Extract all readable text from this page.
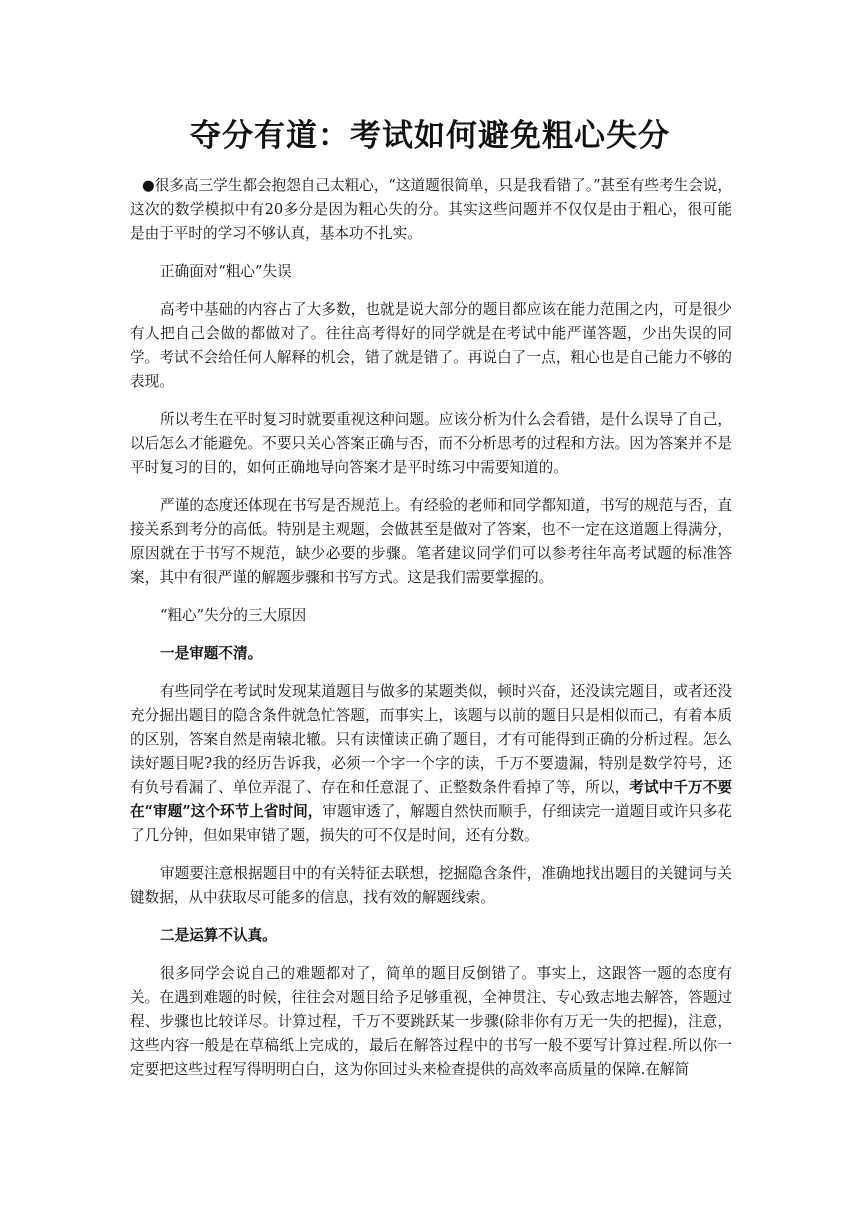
夺分有道：考试如何避免粗心失分

●很多高三学生都会抱怨自己太粗心，“这道题很简单，只是我看错了。”甚至有些考生会说，这次的数学模拟中有20多分是因为粗心失的分。其实这些问题并不仅仅是由于粗心，很可能是由于平时的学习不够认真，基本功不扎实。

正确面对“粗心”失误

高考中基础的内容占了大多数，也就是说大部分的题目都应该在能力范围之内，可是很少有人把自己会做的都做对了。往往高考得好的同学就是在考试中能严谨答题，少出失误的同学。考试不会给任何人解释的机会，错了就是错了。再说白了一点，粗心也是自己能力不够的表现。

所以考生在平时复习时就要重视这种问题。应该分析为什么会看错，是什么误导了自己，以后怎么才能避免。不要只关心答案正确与否，而不分析思考的过程和方法。因为答案并不是平时复习的目的，如何正确地导向答案才是平时练习中需要知道的。

严谨的态度还体现在书写是否规范上。有经验的老师和同学都知道，书写的规范与否，直接关系到考分的高低。特别是主观题，会做甚至是做对了答案，也不一定在这道题上得满分，原因就在于书写不规范，缺少必要的步骤。笔者建议同学们可以参考往年高考试题的标准答案，其中有很严谨的解题步骤和书写方式。这是我们需要掌握的。

“粗心”失分的三大原因

一是审题不清。

有些同学在考试时发现某道题目与做多的某题类似，顿时兴奋，还没读完题目，或者还没充分掘出题目的隐含条件就急忙答题，而事实上，该题与以前的题目只是相似而己，有着本质的区别，答案自然是南辕北辙。只有读懂读正确了题目，才有可能得到正确的分析过程。怎么读好题目呢?我的经历告诉我，必须一个字一个字的读，千万不要遗漏，特别是数学符号，还有负号看漏了、单位弄混了、存在和任意混了、正整数条件看掉了等，所以，考试中千万不要在“审题”这个环节上省时间，审题审透了，解题自然快而顺手，仔细读完一道题目或许只多花了几分钟，但如果审错了题，损失的可不仅是时间，还有分数。

审题要注意根据题目中的有关特征去联想，挖掘隐含条件，准确地找出题目的关键词与关键数据，从中获取尽可能多的信息，找有效的解题线索。

二是运算不认真。

很多同学会说自己的难题都对了，简单的题目反倒错了。事实上，这跟答一题的态度有关。在遇到难题的时候，往往会对题目给予足够重视，全神贯注、专心致志地去解答，答题过程、步骤也比较详尽。计算过程，千万不要跳跃某一步骤(除非你有万无一失的把握)，注意，这些内容一般是在草稿纸上完成的，最后在解答过程中的书写一般不要写计算过程.所以你一定要把这些过程写得明明白白，这为你回过头来检查提供的高效率高质量的保障.在解简
